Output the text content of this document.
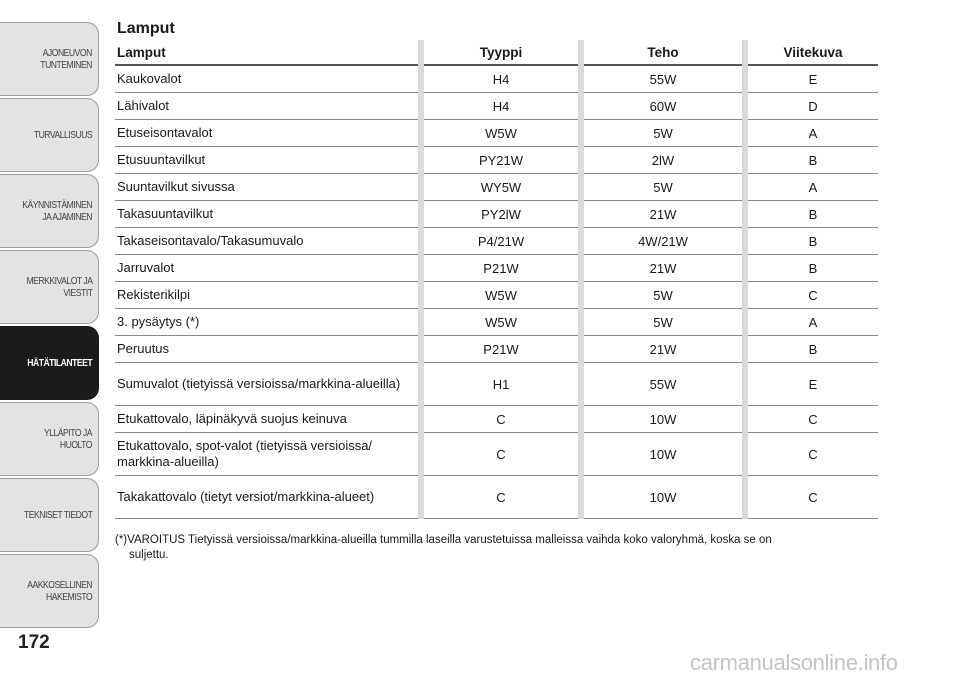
AJONEUVON
TUNTEMINEN
TURVALLISUUS
KÄYNNISTÄMINEN
JA AJAMINEN
MERKKIVALOT JA
VIESTIT
HÄTÄTILANTEET
YLLÄPITO JA HUOLTO
TEKNISET TIEDOT
AAKKOSELLINEN
HAKEMISTO
172
Lamput
Lamput	Tyyppi	Teho	Viitekuva
Kaukovalot	H4	55W	E
Lähivalot	H4	60W	D
Etuseisontavalot	W5W	5W	A
Etusuuntavilkut	PY21W	2lW	B
Suuntavilkut sivussa	WY5W	5W	A
Takasuuntavilkut	PY2lW	21W	B
Takaseisontavalo/Takasumuvalo	P4/21W	4W/21W	B
Jarruvalot	P21W	21W	B
Rekisterikilpi	W5W	5W	C
3. pysäytys (*)	W5W	5W	A
Peruutus	P21W	21W	B
Sumuvalot (tietyissä versioissa/markkina-alueilla)	H1	55W	E
Etukattovalo, läpinäkyvä suojus keinuva	C	10W	C
Etukattovalo, spot-valot (tietyissä versioissa/ markkina-alueilla)	C	10W	C
Takakattovalo (tietyt versiot/markkina-alueet)	C	10W	C
(*)VAROITUS Tietyissä versioissa/markkina-alueilla tummilla laseilla varustetuissa malleissa vaihda koko valoryhmä, koska se on
suljettu.
carmanualsonline.info
